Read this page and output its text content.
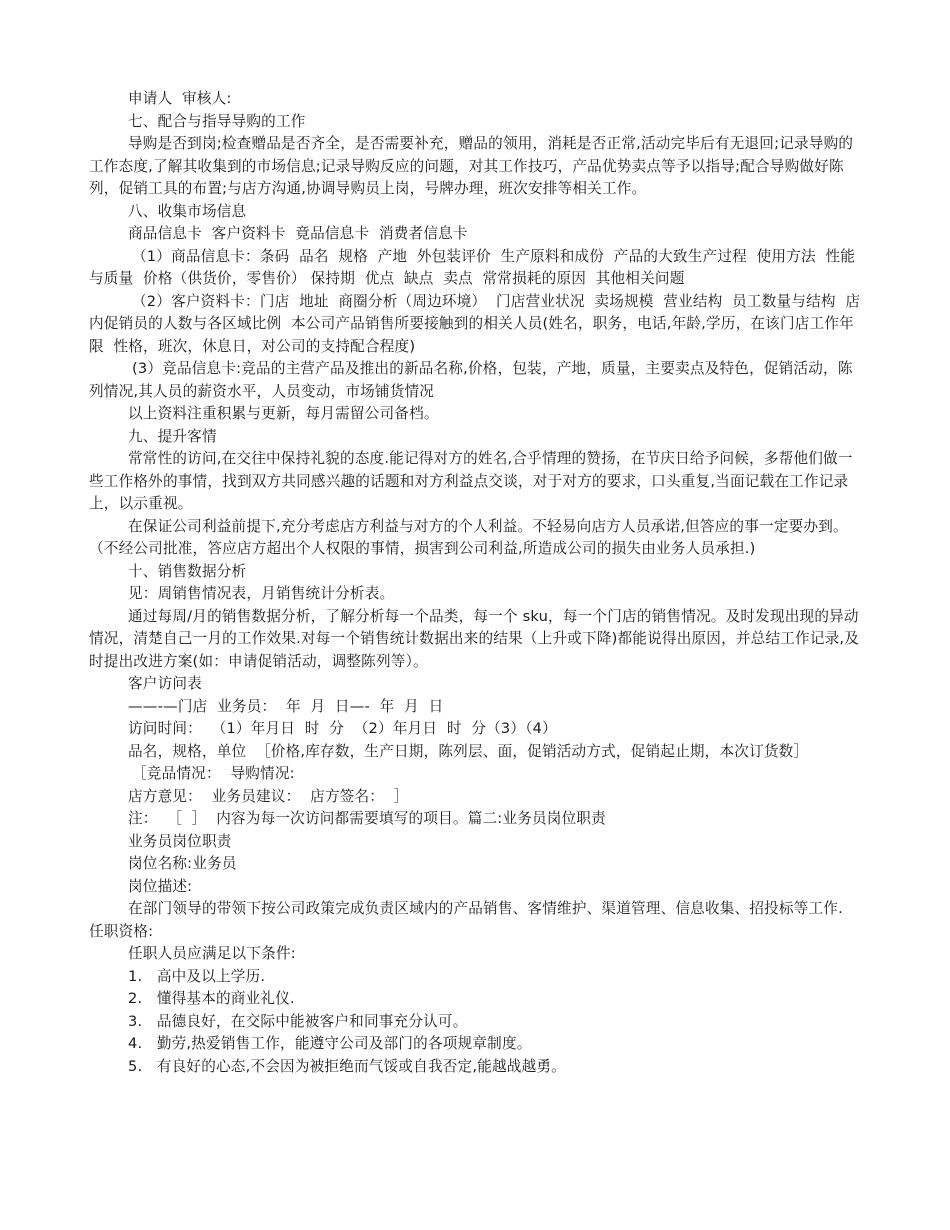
申请人  审核人:

七、配合与指导导购的工作

导购是否到岗;检查赠品是否齐全，是否需要补充，赠品的领用，消耗是否正常,活动完毕后有无退回;记录导购的工作态度,了解其收集到的市场信息;记录导购反应的问题，对其工作技巧，产品优势卖点等予以指导;配合导购做好陈列，促销工具的布置;与店方沟通,协调导购员上岗，号牌办理，班次安排等相关工作。

八、收集市场信息

商品信息卡  客户资料卡  竟品信息卡  消费者信息卡

（1）商品信息卡：条码  品名  规格  产地  外包装评价  生产原料和成份  产品的大致生产过程  使用方法  性能与质量  价格（供货价，零售价） 保持期  优点  缺点  卖点  常常损耗的原因  其他相关问题

（2）客户资料卡：门店  地址  商圈分析（周边环境）  门店营业状况  卖场规模  营业结构  员工数量与结构  店内促销员的人数与各区域比例  本公司产品销售所要接触到的相关人员(姓名，职务，电话,年龄,学历，在该门店工作年限  性格，班次，休息日，对公司的支持配合程度)

(3）竞品信息卡:竞品的主营产品及推出的新品名称,价格，包装，产地，质量，主要卖点及特色，促销活动，陈列情况,其人员的薪资水平，人员变动，市场铺货情况

以上资料注重积累与更新，每月需留公司备档。

九、提升客情

常常性的访问,在交往中保持礼貌的态度.能记得对方的姓名,合乎情理的赞扬，在节庆日给予问候，多帮他们做一些工作格外的事情，找到双方共同感兴趣的话题和对方利益点交谈，对于对方的要求，口头重复,当面记载在工作记录上，以示重视。

在保证公司利益前提下,充分考虑店方利益与对方的个人利益。不轻易向店方人员承诺,但答应的事一定要办到。（不经公司批准，答应店方超出个人权限的事情，损害到公司利益,所造成公司的损失由业务人员承担.)

十、销售数据分析

见：周销售情况表，月销售统计分析表。

通过每周/月的销售数据分析，了解分析每一个品类，每一个 sku，每一个门店的销售情况。及时发现出现的异动情况，清楚自己一月的工作效果.对每一个销售统计数据出来的结果（上升或下降)都能说得出原因，并总结工作记录,及时提出改进方案(如：申请促销活动，调整陈列等）。

客户访问表

——-—门店  业务员：  年  月  日—-  年  月  日

访问时间：  （1）年月日  时  分  （2）年月日  时  分（3）（4）

品名，规格，单位  ［价格,库存数，生产日期，陈列层、面，促销活动方式，促销起止期，本次订货数］

［竞品情况：  导购情况:

店方意见：  业务员建议：  店方签名：  ］

注：  ［  ］  内容为每一次访问都需要填写的项目。篇二:业务员岗位职责

业务员岗位职责

岗位名称:业务员

岗位描述:

在部门领导的带领下按公司政策完成负责区域内的产品销售、客情维护、渠道管理、信息收集、招投标等工作. 任职资格:

任职人员应满足以下条件:

1.   高中及以上学历.

2.   懂得基本的商业礼仪.

3.   品德良好，在交际中能被客户和同事充分认可。

4.   勤劳,热爱销售工作，能遵守公司及部门的各项规章制度。

5.   有良好的心态,不会因为被拒绝而气馁或自我否定,能越战越勇。
